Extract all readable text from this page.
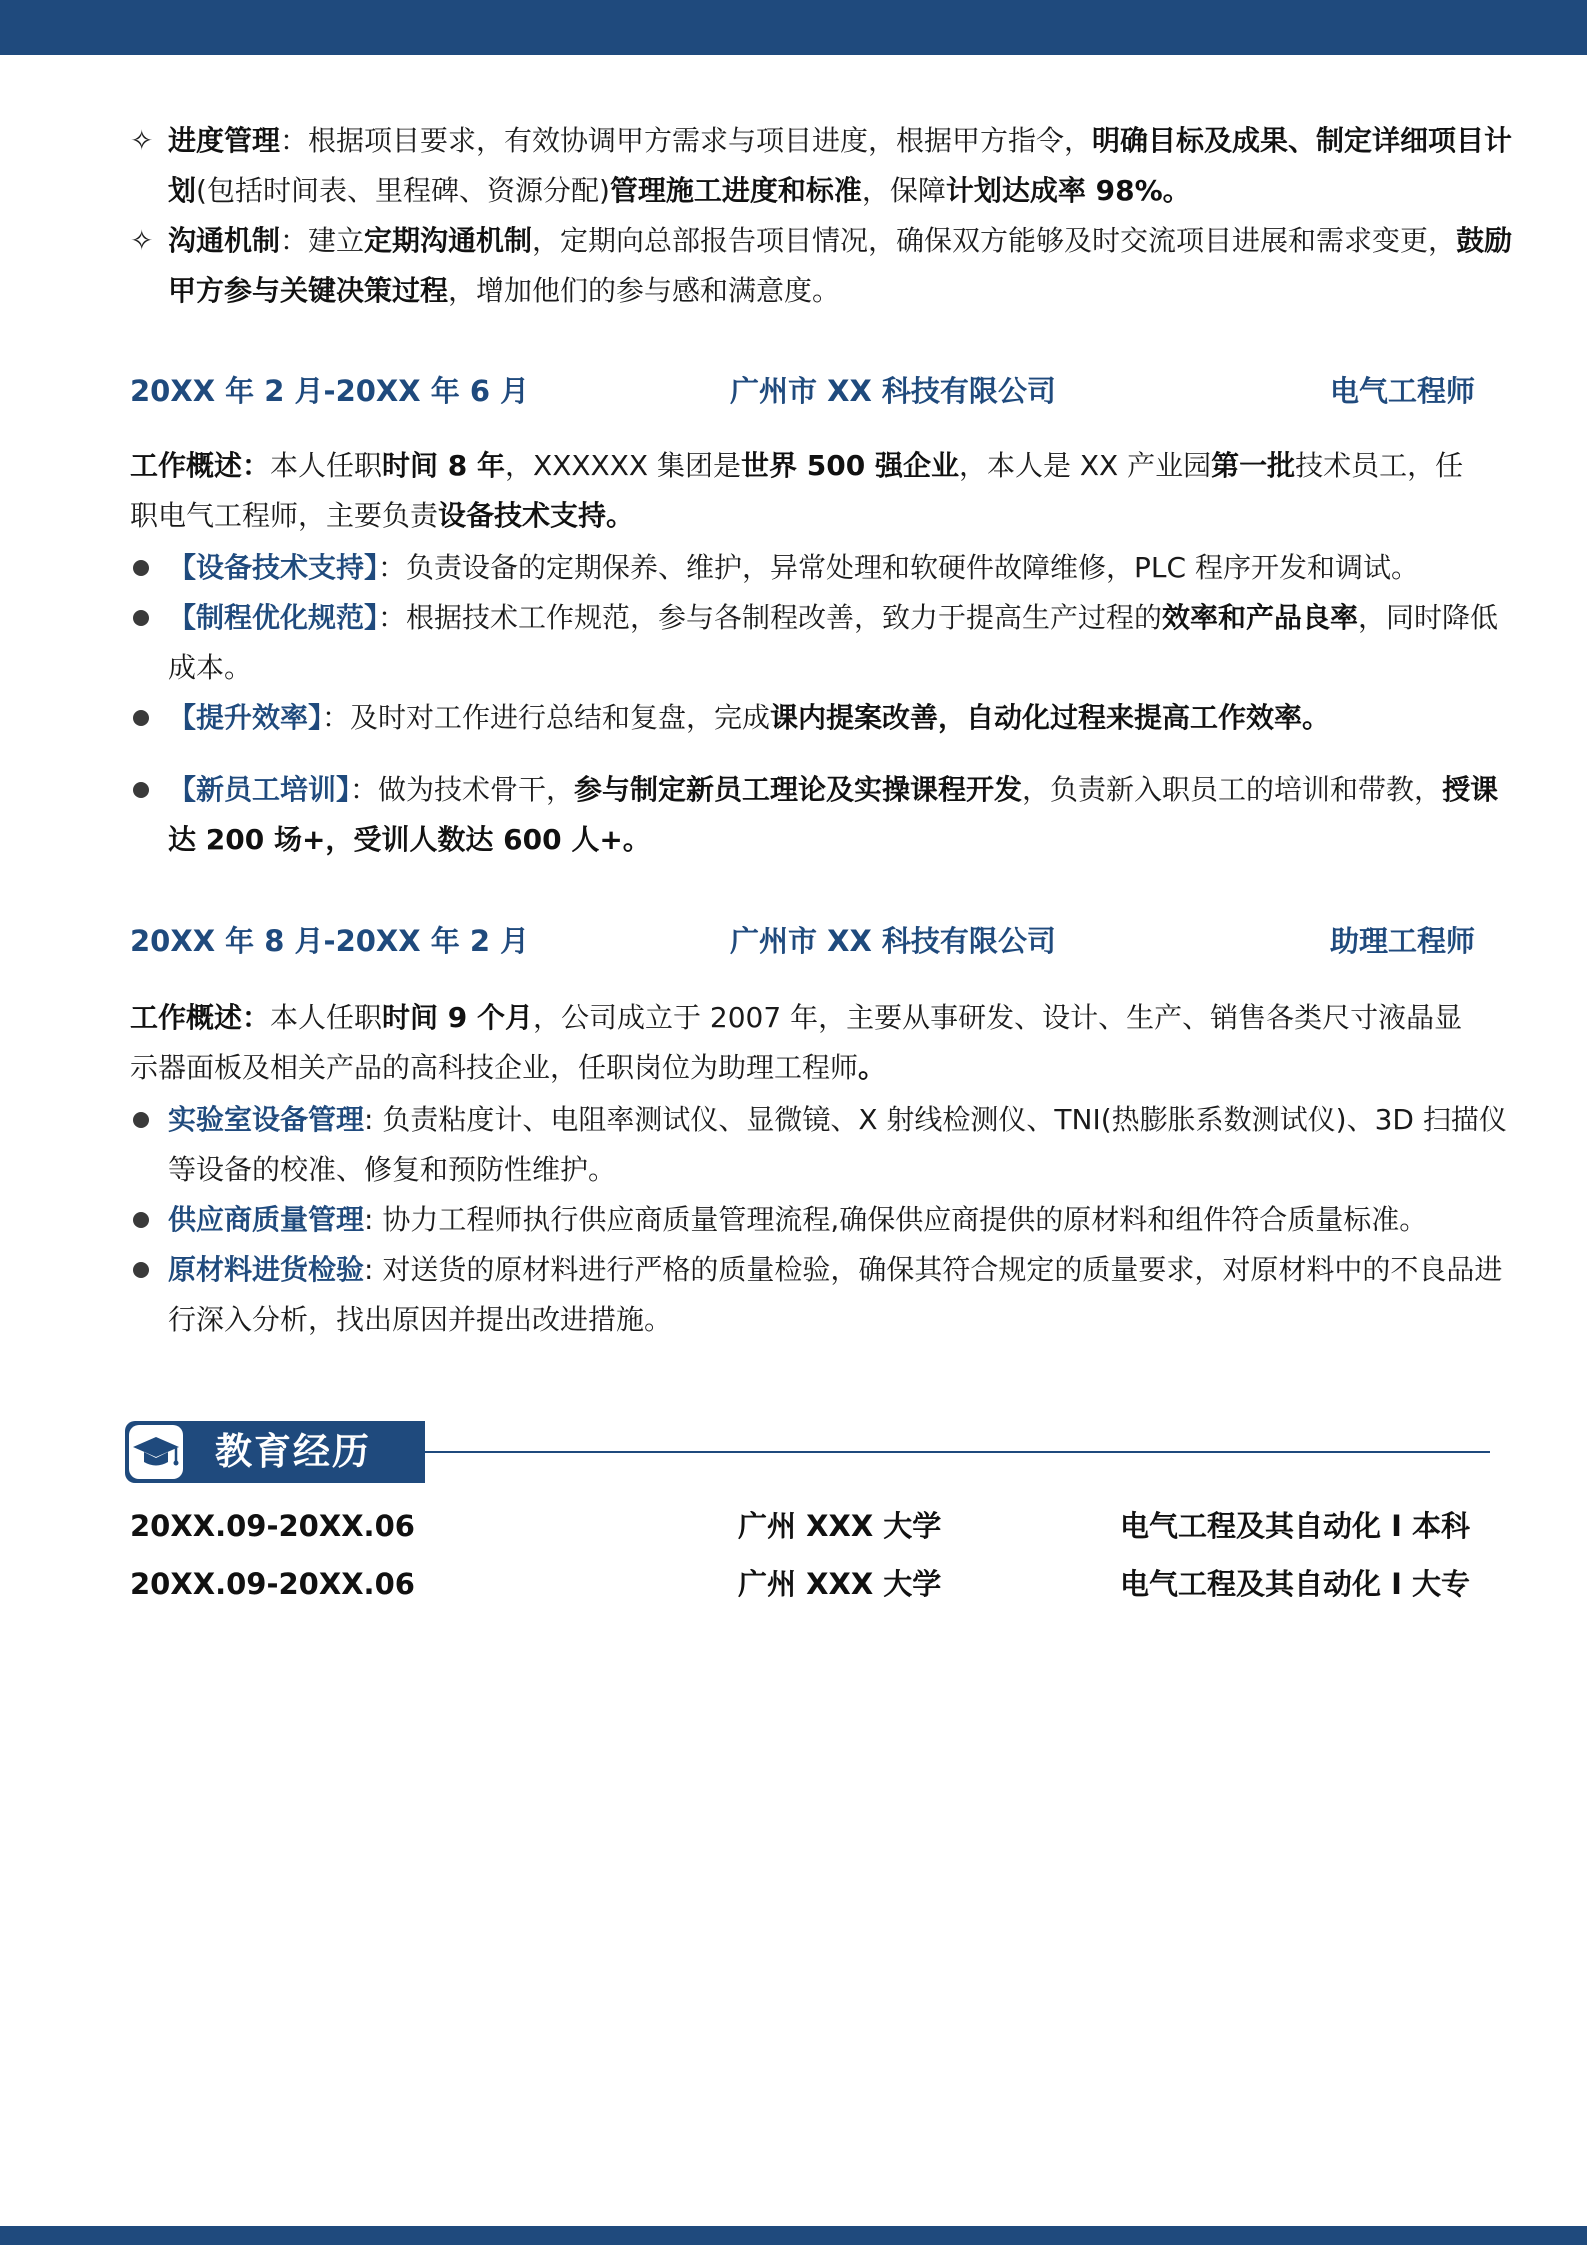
✧ 进度管理：根据项目要求，有效协调甲方需求与项目进度，根据甲方指令，明确目标及成果、制定详细项目计划(包括时间表、里程碑、资源分配)管理施工进度和标准，保障计划达成率 98%。

✧ 沟通机制：建立定期沟通机制，定期向总部报告项目情况，确保双方能够及时交流项目进展和需求变更，鼓励甲方参与关键决策过程，增加他们的参与感和满意度。

20XX 年 2 月-20XX 年 6 月	广州市 XX 科技有限公司	电气工程师

工作概述：本人任职时间 8 年，XXXXXX 集团是世界 500 强企业，本人是 XX 产业园第一批技术员工，任职电气工程师，主要负责设备技术支持。

【设备技术支持】：负责设备的定期保养、维护，异常处理和软硬件故障维修，PLC 程序开发和调试。

【制程优化规范】：根据技术工作规范，参与各制程改善，致力于提高生产过程的效率和产品良率，同时降低成本。

【提升效率】：及时对工作进行总结和复盘，完成课内提案改善，自动化过程来提高工作效率。

【新员工培训】：做为技术骨干，参与制定新员工理论及实操课程开发，负责新入职员工的培训和带教，授课达 200 场+，受训人数达 600 人+。

20XX 年 8 月-20XX 年 2 月	广州市 XX 科技有限公司	助理工程师

工作概述：本人任职时间 9 个月，公司成立于 2007 年，主要从事研发、设计、生产、销售各类尺寸液晶显示器面板及相关产品的高科技企业，任职岗位为助理工程师。

实验室设备管理: 负责粘度计、电阻率测试仪、显微镜、X 射线检测仪、TNI(热膨胀系数测试仪)、3D 扫描仪等设备的校准、修复和预防性维护。

供应商质量管理: 协力工程师执行供应商质量管理流程,确保供应商提供的原材料和组件符合质量标准。

原材料进货检验: 对送货的原材料进行严格的质量检验，确保其符合规定的质量要求，对原材料中的不良品进行深入分析，找出原因并提出改进措施。

教育经历
20XX.09-20XX.06	广州 XXX 大学	电气工程及其自动化 I 本科
20XX.09-20XX.06	广州 XXX 大学	电气工程及其自动化 I 大专
